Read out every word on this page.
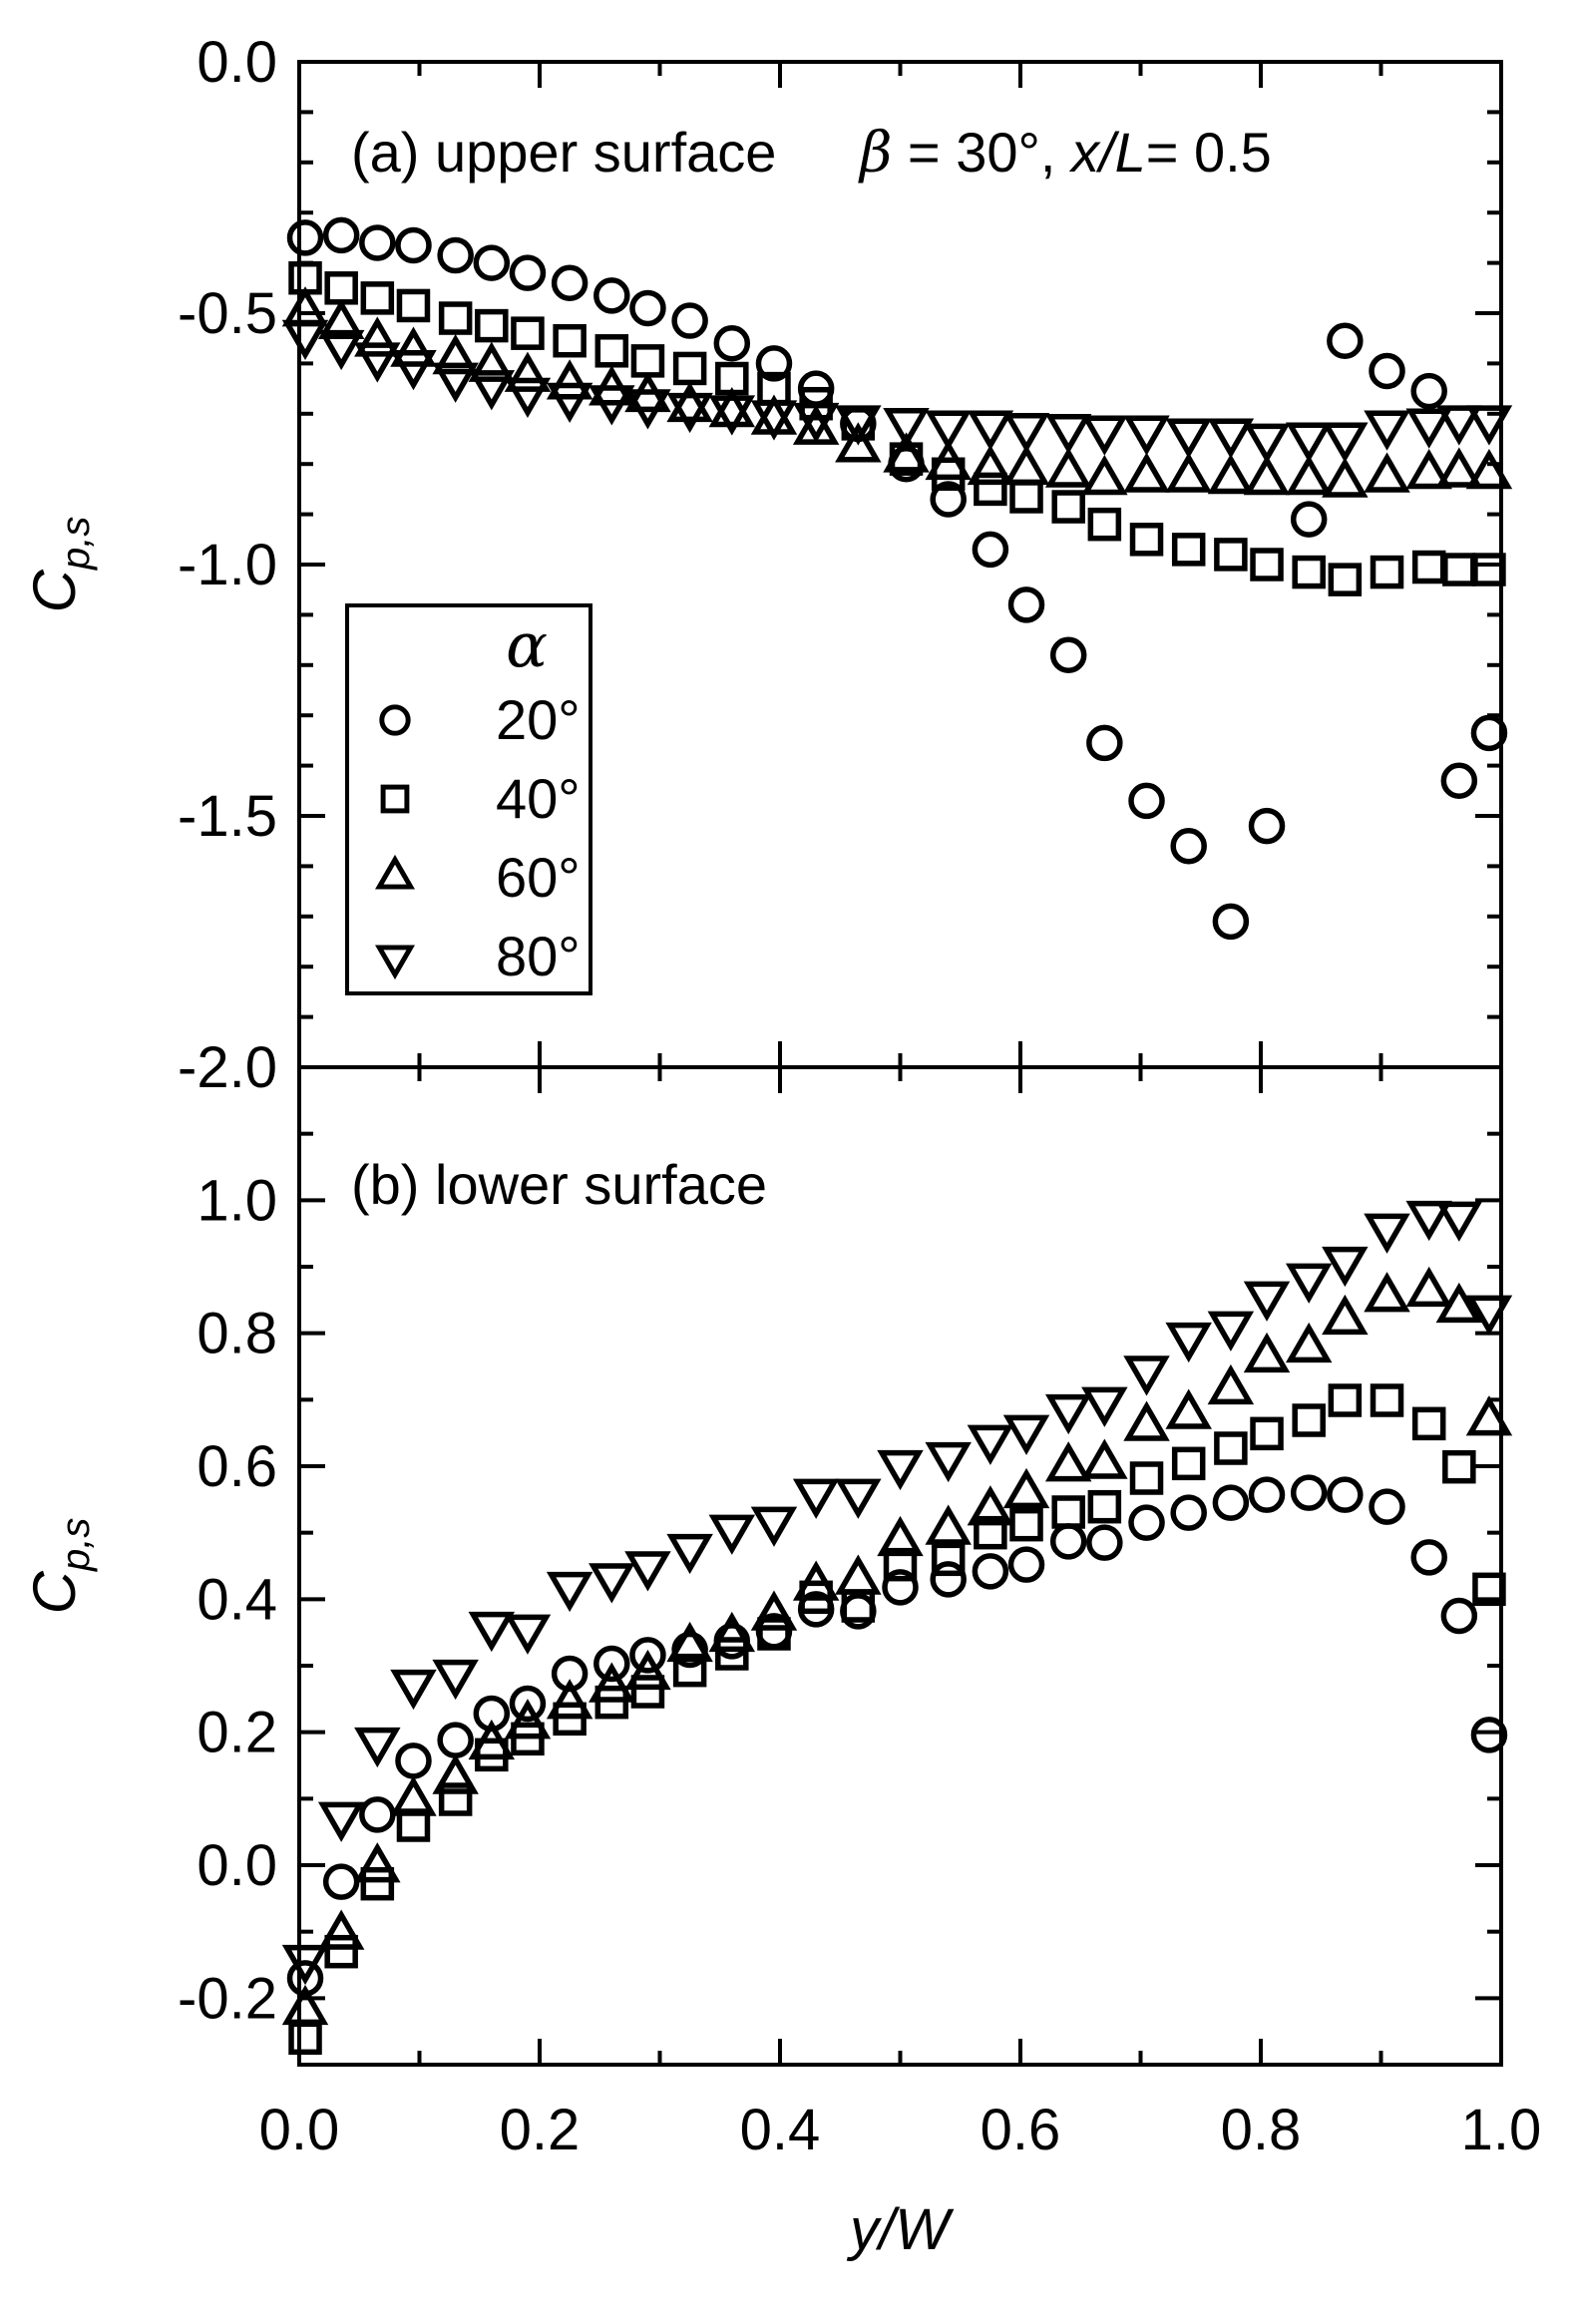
0.0
-0.5
-1.0
-1.5
-2.0
(a) upper surface β = 30°, x/L= 0.5
$C_{p,s}$
1.0
0.8
0.6
0.4
0.2
0.0
-0.2
(b) lower surface
$C_{p,s}$
0.0	0.2	0.4	0.6	0.8	1.0
y/W
α
20°
40°
60°
80°
